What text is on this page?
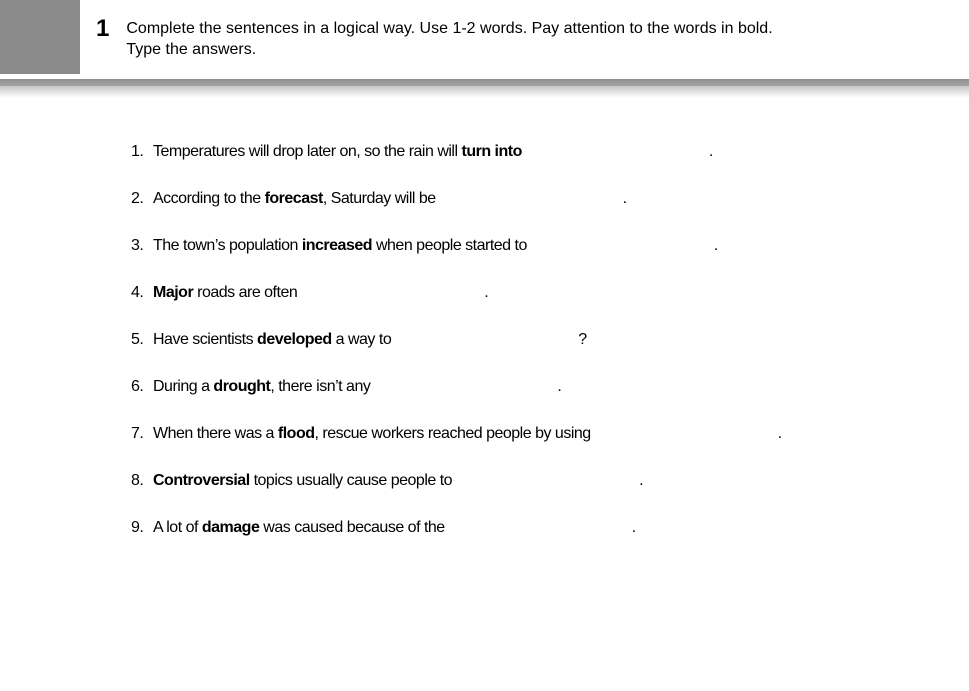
1 Complete the sentences in a logical way. Use 1-2 words. Pay attention to the words in bold.
Type the answers.
1. Temperatures will drop later on, so the rain will turn into	.
2. According to the forecast, Saturday will be	.
3. The town’s population increased when people started to	.
4. Major roads are often	.
5. Have scientists developed a way to	?
6. During a drought, there isn’t any	.
7. When there was a flood, rescue workers reached people by using	.
8. Controversial topics usually cause people to	.
9. A lot of damage was caused because of the	.
